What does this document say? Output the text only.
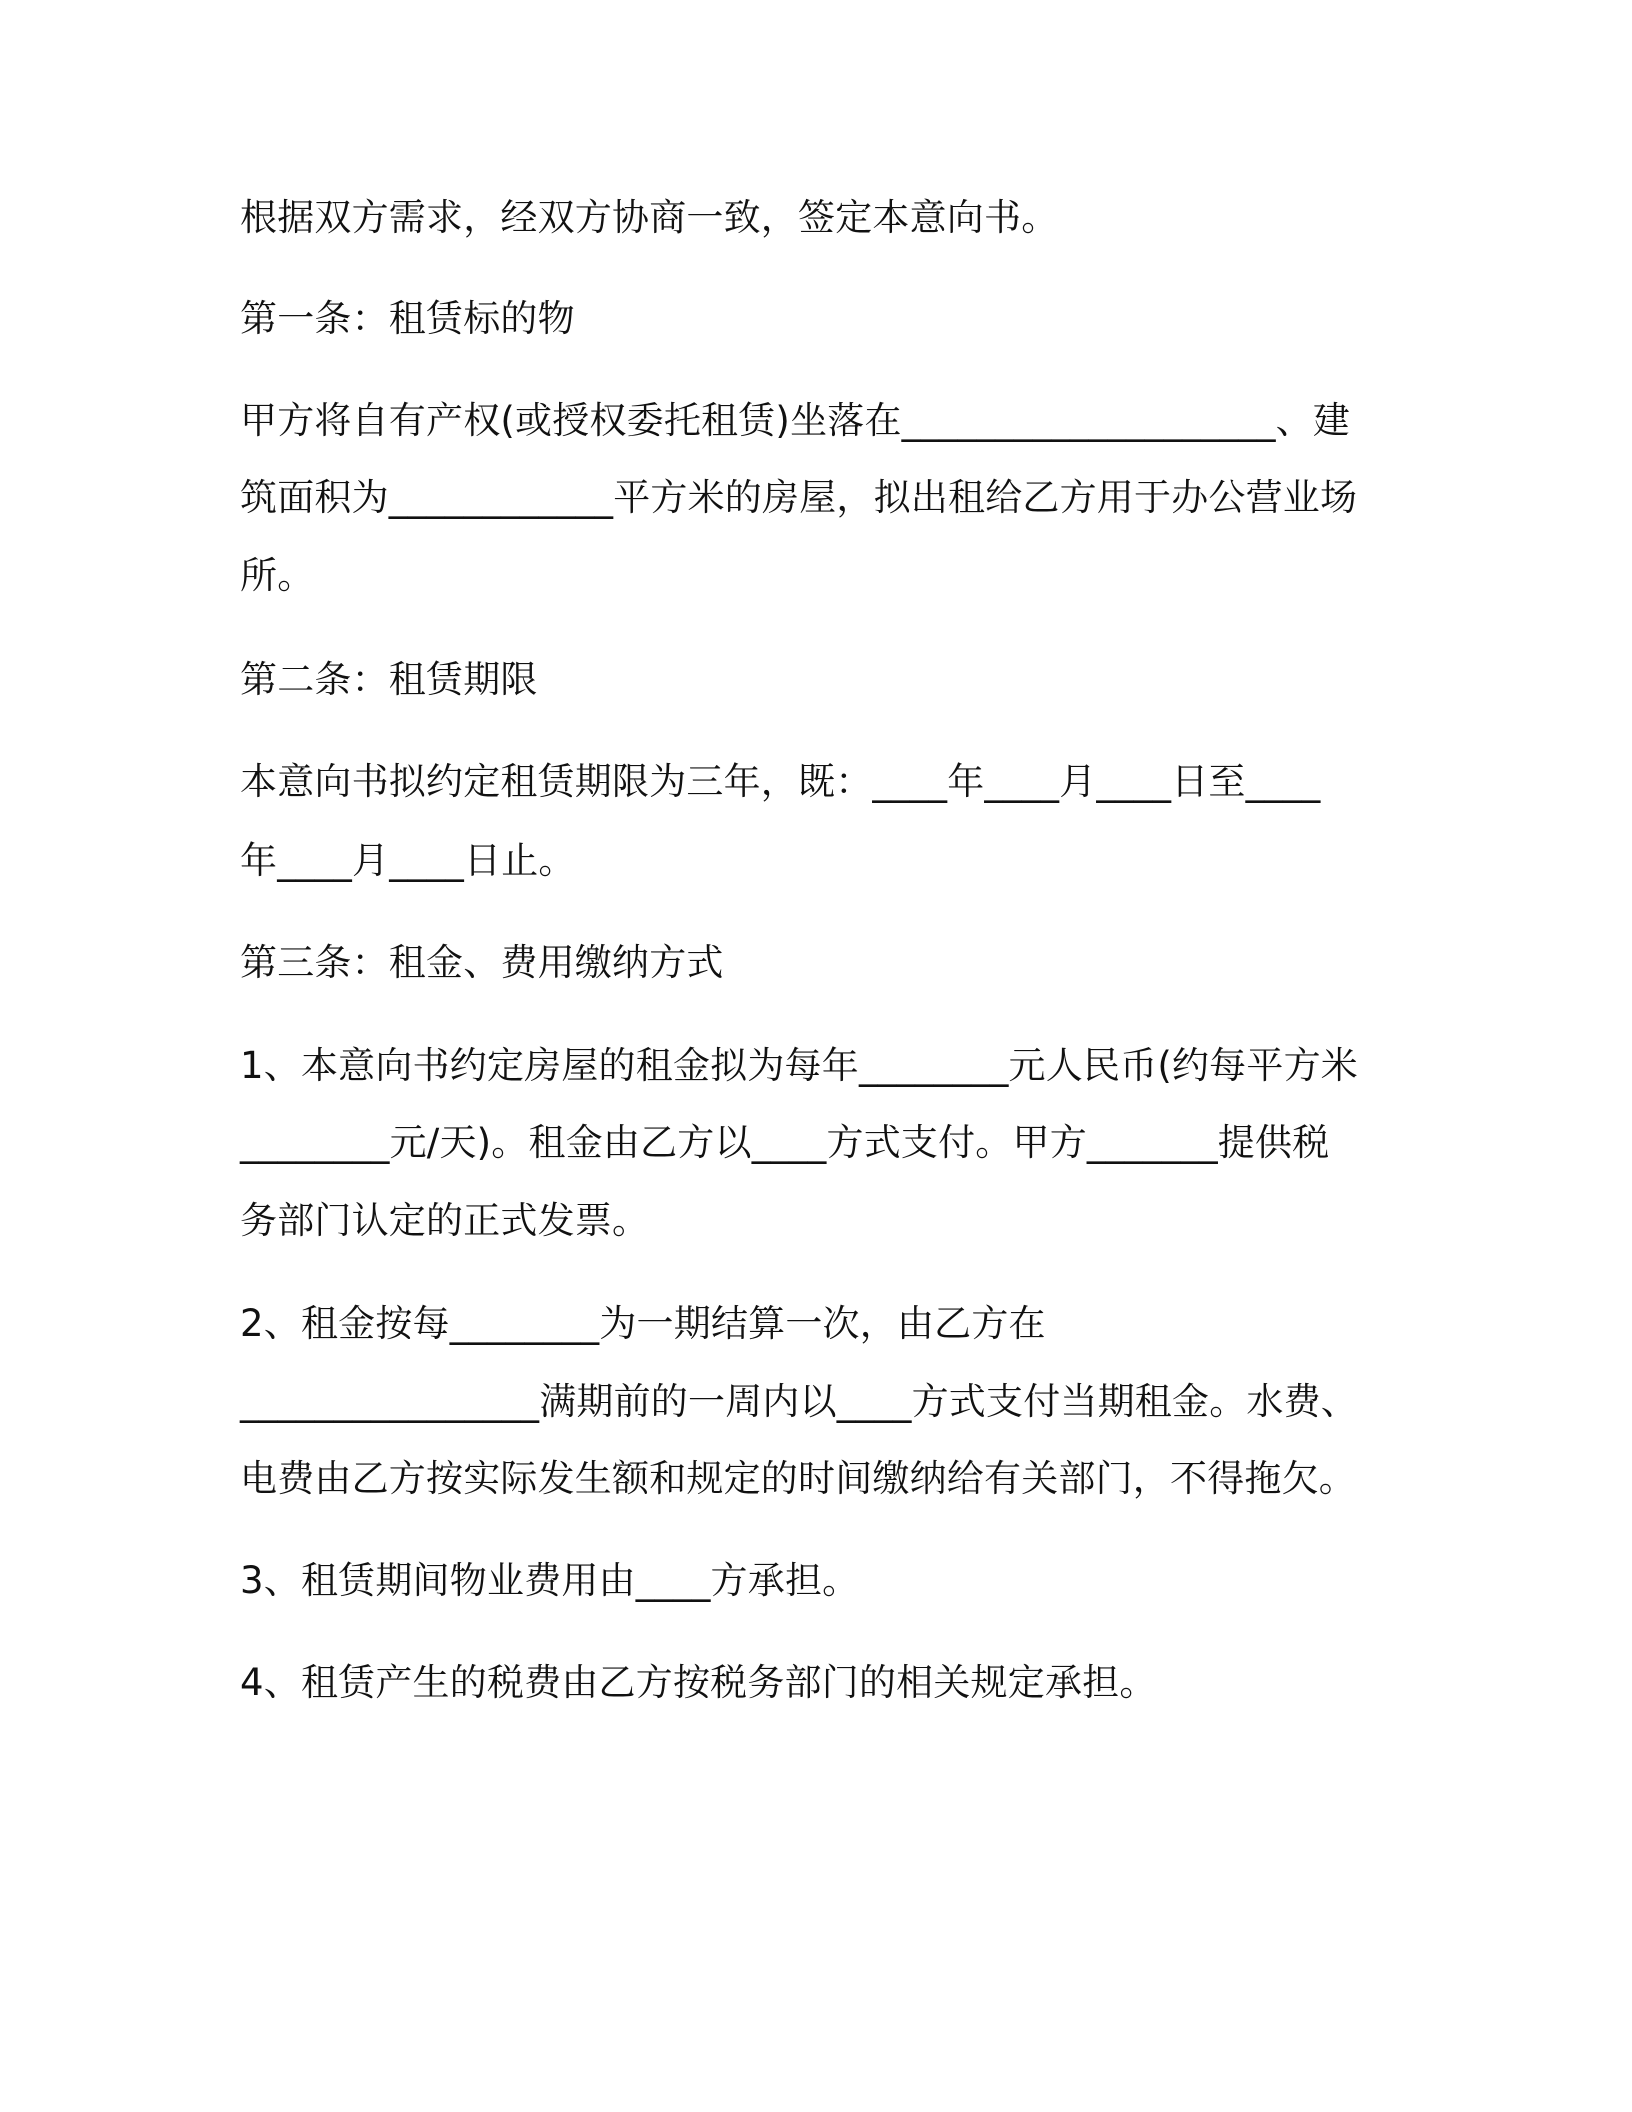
根据双方需求，经双方协商一致，签定本意向书。

第一条：租赁标的物

甲方将自有产权(或授权委托租赁)坐落在____________________、建

筑面积为____________平方米的房屋，拟出租给乙方用于办公营业场

所。

第二条：租赁期限

本意向书拟约定租赁期限为三年，既：____年____月____日至____

年____月____日止。

第三条：租金、费用缴纳方式

1、本意向书约定房屋的租金拟为每年________元人民币(约每平方米

________元/天)。租金由乙方以____方式支付。甲方_______提供税

务部门认定的正式发票。

2、租金按每________为一期结算一次，由乙方在

________________满期前的一周内以____方式支付当期租金。水费、

电费由乙方按实际发生额和规定的时间缴纳给有关部门，不得拖欠。

3、租赁期间物业费用由____方承担。

4、租赁产生的税费由乙方按税务部门的相关规定承担。
